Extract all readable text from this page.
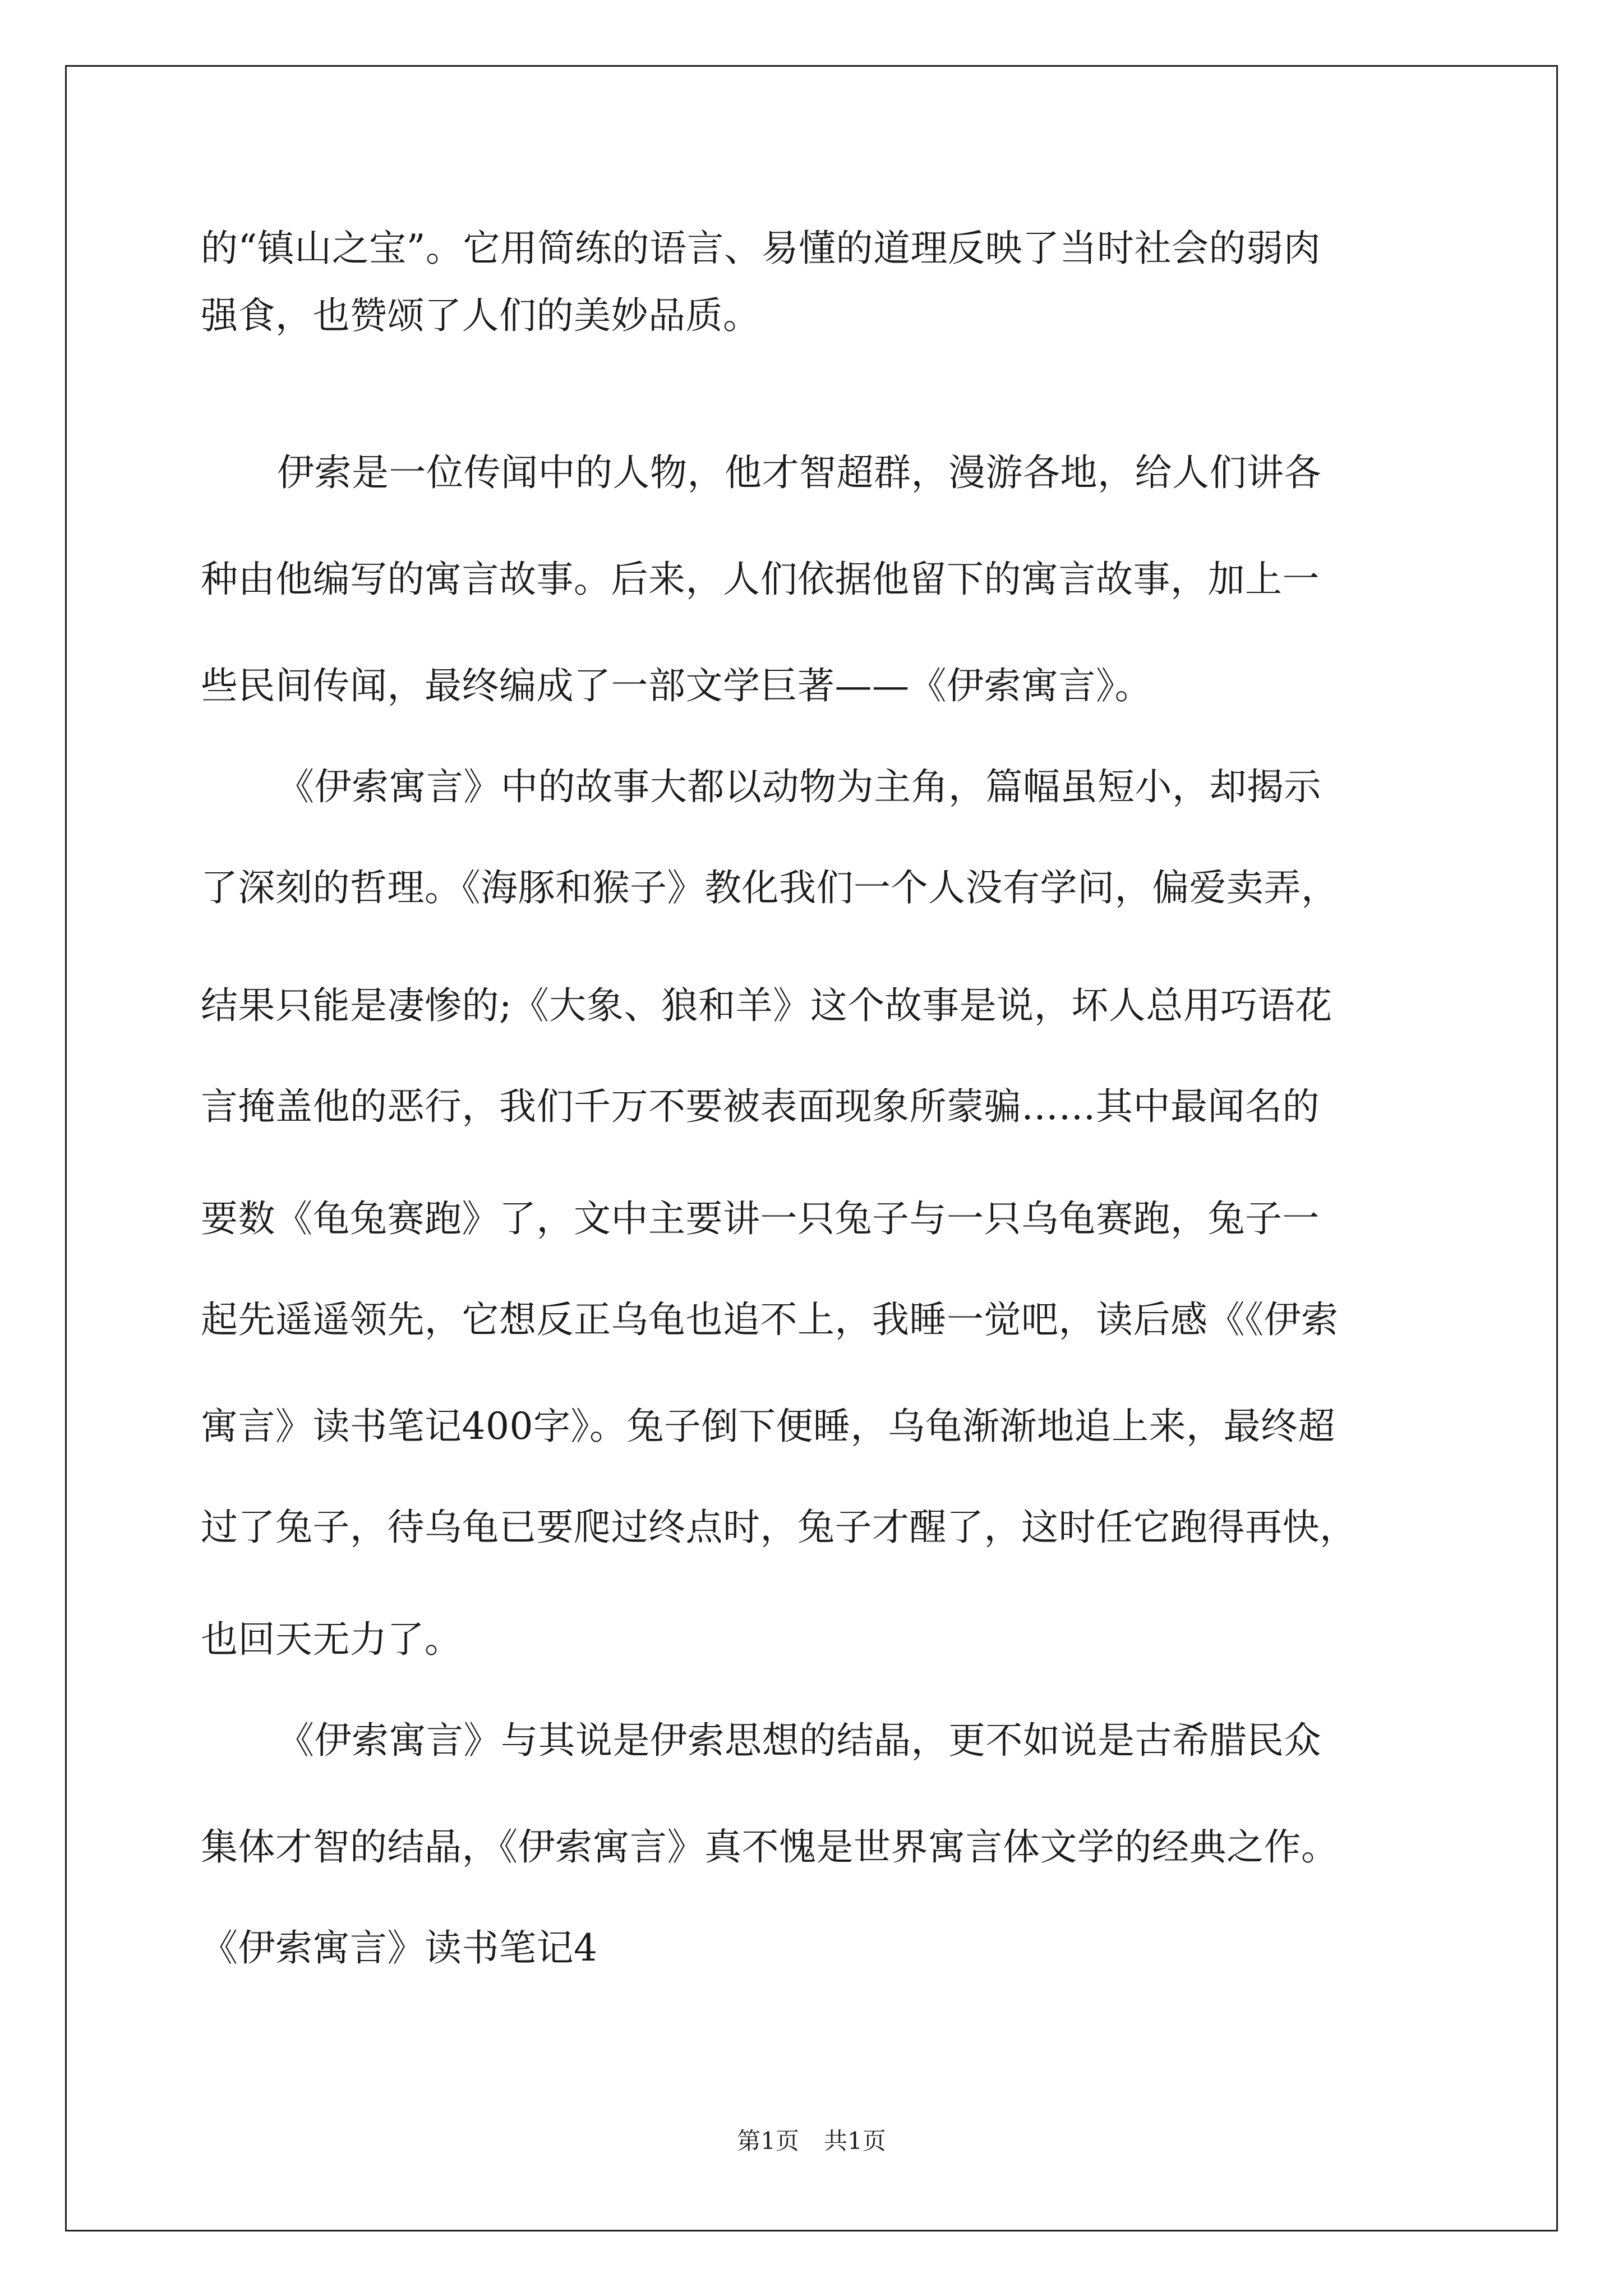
的“镇山之宝”。它用简练的语言、易懂的道理反映了当时社会的弱肉
强食，也赞颂了人们的美妙品质。
伊索是一位传闻中的人物，他才智超群，漫游各地，给人们讲各
种由他编写的寓言故事。后来，人们依据他留下的寓言故事，加上一
些民间传闻，最终编成了一部文学巨著——《伊索寓言》。
《伊索寓言》中的故事大都以动物为主角，篇幅虽短小，却揭示
了深刻的哲理。《海豚和猴子》教化我们一个人没有学问，偏爱卖弄，
结果只能是凄惨的;《大象、狼和羊》这个故事是说，坏人总用巧语花
言掩盖他的恶行，我们千万不要被表面现象所蒙骗……其中最闻名的
要数《龟兔赛跑》了，文中主要讲一只兔子与一只乌龟赛跑，兔子一
起先遥遥领先，它想反正乌龟也追不上，我睡一觉吧，读后感《《伊索
寓言》读书笔记400字》。兔子倒下便睡，乌龟渐渐地追上来，最终超
过了兔子，待乌龟已要爬过终点时，兔子才醒了，这时任它跑得再快，
也回天无力了。
《伊索寓言》与其说是伊索思想的结晶，更不如说是古希腊民众
集体才智的结晶，《伊索寓言》真不愧是世界寓言体文学的经典之作。
《伊索寓言》读书笔记4
第1页 共1页
